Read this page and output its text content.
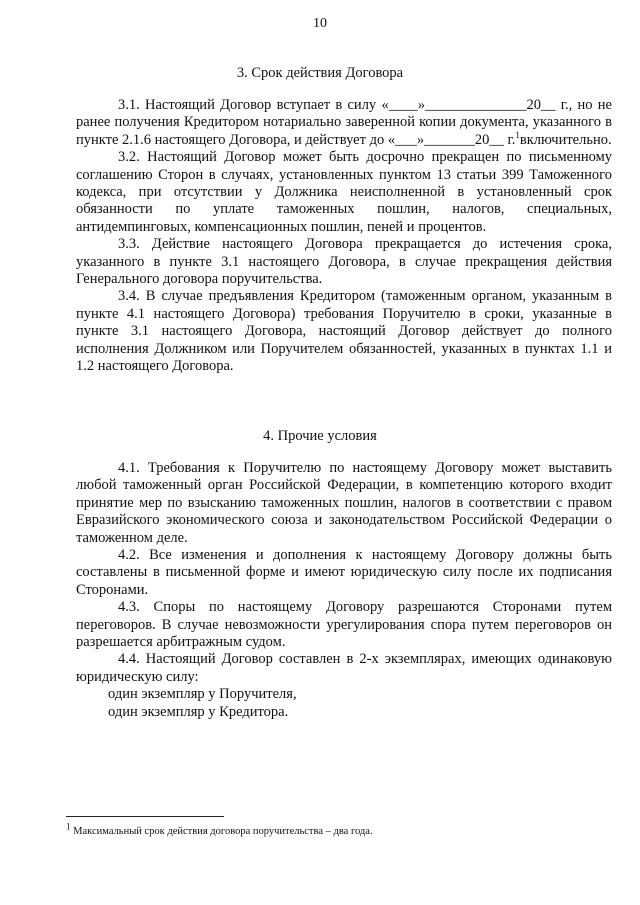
10
3. Срок действия Договора

3.1. Настоящий Договор вступает в силу «____»______________20__ г., но не ранее получения Кредитором нотариально заверенной копии документа, указанного в пункте 2.1.6 настоящего Договора, и действует до «___»_______20__ г.$^1$включительно.

3.2. Настоящий Договор может быть досрочно прекращен по письменному соглашению Сторон в случаях, установленных пунктом 13 статьи 399 Таможенного кодекса, при отсутствии у Должника неисполненной в установленный срок обязанности по уплате таможенных пошлин, налогов, специальных, антидемпинговых, компенсационных пошлин, пеней и процентов.

3.3. Действие настоящего Договора прекращается до истечения срока, указанного в пункте 3.1 настоящего Договора, в случае прекращения действия Генерального договора поручительства.

3.4. В случае предъявления Кредитором (таможенным органом, указанным в пункте 4.1 настоящего Договора) требования Поручителю в сроки, указанные в пункте 3.1 настоящего Договора, настоящий Договор действует до полного исполнения Должником или Поручителем обязанностей, указанных в пунктах 1.1 и 1.2 настоящего Договора.

4. Прочие условия

4.1. Требования к Поручителю по настоящему Договору может выставить любой таможенный орган Российской Федерации, в компетенцию которого входит принятие мер по взысканию таможенных пошлин, налогов в соответствии с правом Евразийского экономического союза и законодательством Российской Федерации о таможенном деле.

4.2. Все изменения и дополнения к настоящему Договору должны быть составлены в письменной форме и имеют юридическую силу после их подписания Сторонами.

4.3. Споры по настоящему Договору разрешаются Сторонами путем переговоров. В случае невозможности урегулирования спора путем переговоров он разрешается арбитражным судом.

4.4. Настоящий Договор составлен в 2-х экземплярах, имеющих одинаковую юридическую силу:

один экземпляр у Поручителя,

один экземпляр у Кредитора.

$^1$ Максимальный срок действия договора поручительства – два года.
